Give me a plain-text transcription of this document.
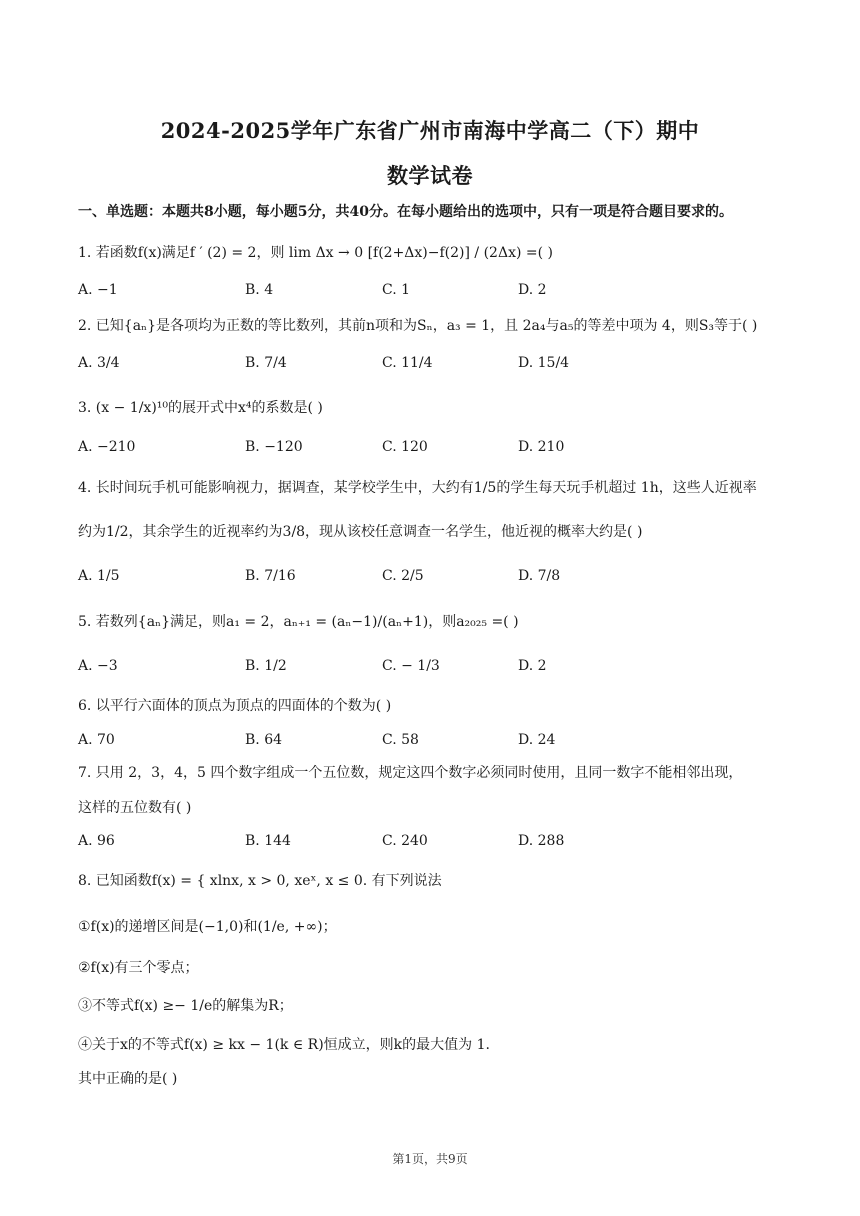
2024-2025学年广东省广州市南海中学高二（下）期中
数学试卷
一、单选题：本题共8小题，每小题5分，共40分。在每小题给出的选项中，只有一项是符合题目要求的。
1. 若函数f(x)满足f ′ (2) = 2，则 lim Δx → 0 [f(2+Δx)−f(2)] / (2Δx) =( )
A. −1	B. 4	C. 1	D. 2
2. 已知{aₙ}是各项均为正数的等比数列，其前n项和为Sₙ，a₃ = 1，且 2a₄与a₅的等差中项为 4，则S₃等于( )
A. 3/4	B. 7/4	C. 11/4	D. 15/4
3. (x − 1/x)¹⁰的展开式中x⁴的系数是( )
A. −210	B. −120	C. 120	D. 210
4. 长时间玩手机可能影响视力，据调查，某学校学生中，大约有1/5的学生每天玩手机超过 1h，这些人近视率
约为1/2，其余学生的近视率约为3/8，现从该校任意调查一名学生，他近视的概率大约是( )
A. 1/5	B. 7/16	C. 2/5	D. 7/8
5. 若数列{aₙ}满足，则a₁ = 2，aₙ₊₁ = (aₙ−1)/(aₙ+1)，则a₂₀₂₅ =( )
A. −3	B. 1/2	C. − 1/3	D. 2
6. 以平行六面体的顶点为顶点的四面体的个数为( )
A. 70	B. 64	C. 58	D. 24
7. 只用 2，3，4，5 四个数字组成一个五位数，规定这四个数字必须同时使用，且同一数字不能相邻出现，
这样的五位数有( )
A. 96	B. 144	C. 240	D. 288
8. 已知函数f(x) = { xlnx, x > 0, xeˣ, x ≤ 0. 有下列说法
①f(x)的递增区间是(−1,0)和(1/e, +∞)；
②f(x)有三个零点；
③不等式f(x) ≥− 1/e的解集为R；
④关于x的不等式f(x) ≥ kx − 1(k ∈ R)恒成立，则k的最大值为 1.
其中正确的是( )
第1页，共9页
